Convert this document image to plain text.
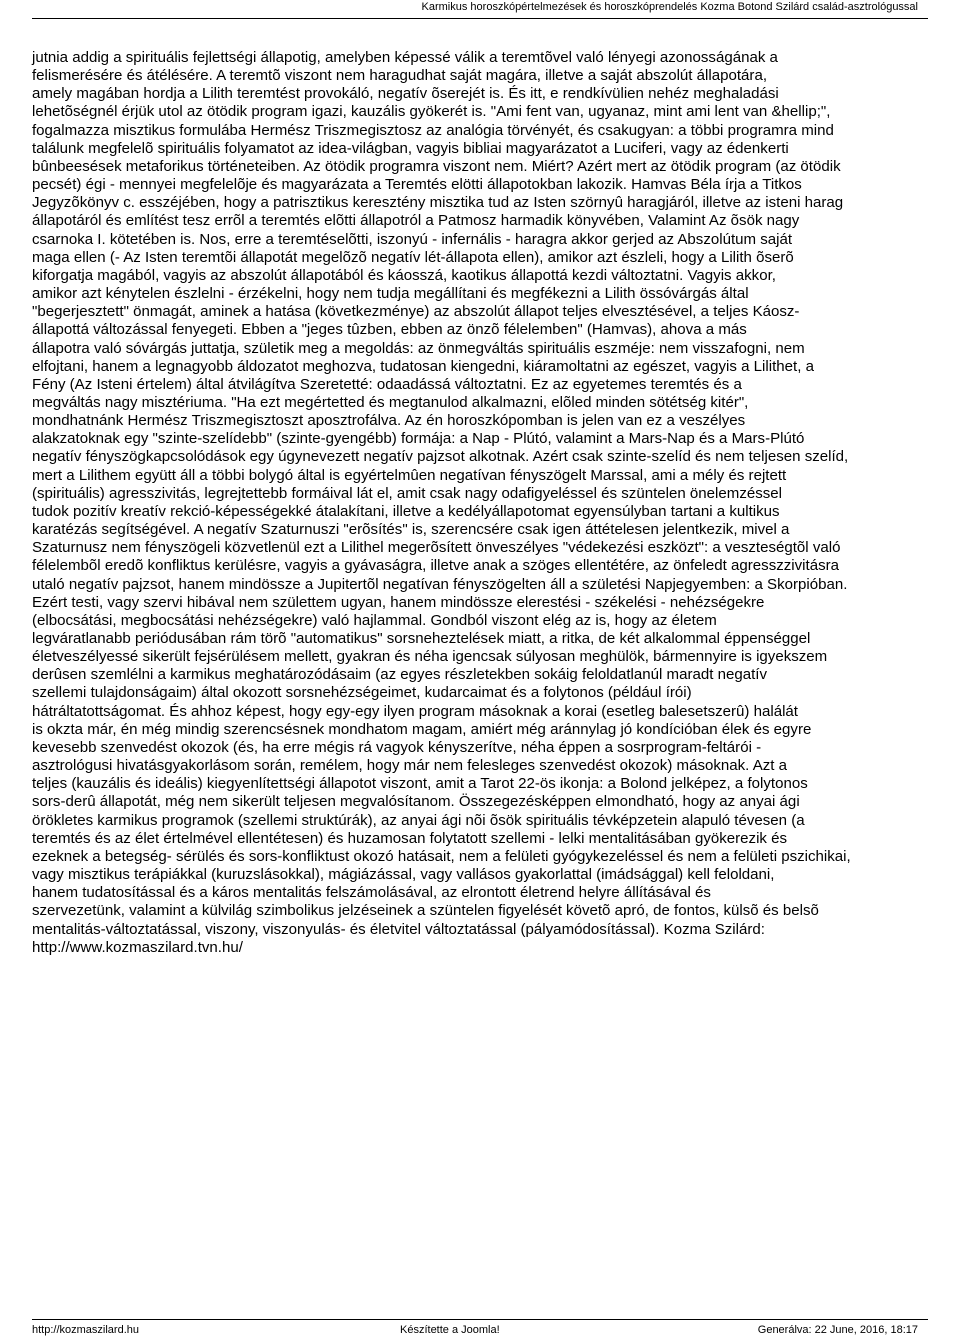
Karmikus horoszkópértelmezések és horoszkóprendelés Kozma Botond Szilárd család-asztrológussal
jutnia addig a spirituális fejlettségi állapotig, amelyben képessé válik a teremtõvel való lényegi azonosságának a
felismerésére és átélésére. A teremtõ viszont nem haragudhat saját magára, illetve a saját abszolút állapotára,
amely magában hordja a Lilith teremtést provokáló, negatív õserejét is. És itt, e rendkívülien nehéz meghaladási
lehetõségnél érjük utol az ötödik program igazi, kauzális gyökerét is. "Ami fent van, ugyanaz, mint ami lent van &hellip;",
fogalmazza misztikus formulába Hermész Triszmegisztosz az analógia törvényét, és csakugyan: a többi programra mind
találunk megfelelõ spirituális folyamatot az idea-világban, vagyis bibliai magyarázatot a Luciferi, vagy az édenkerti
bûnbeesések metaforikus történeteiben. Az ötödik programra viszont nem. Miért? Azért mert az ötödik program (az ötödik
pecsét) égi - mennyei megfelelõje és magyarázata a Teremtés elötti állapotokban lakozik. Hamvas Béla írja a Titkos
Jegyzõkönyv c. esszéjében, hogy a patrisztikus keresztény misztika tud az Isten szörnyû haragjáról, illetve az isteni harag
állapotáról és említést tesz errõl a teremtés elõtti állapotról a Patmosz harmadik könyvében, Valamint Az õsök nagy
csarnoka I. kötetében is. Nos, erre a teremtéselõtti, iszonyú - infernális - haragra akkor gerjed az Abszolútum saját
maga ellen (- Az Isten teremtõi állapotát megelõzõ negatív lét-állapota ellen), amikor azt észleli, hogy a Lilith õserõ
kiforgatja magából, vagyis az abszolút állapotából és káosszá, kaotikus állapottá kezdi változtatni. Vagyis akkor,
amikor azt kénytelen észlelni - érzékelni, hogy nem tudja megállítani és megfékezni a Lilith össóvárgás által
"begerjesztett" önmagát, aminek a hatása (következménye) az abszolút állapot teljes elvesztésével, a teljes Káosz-
állapottá változással fenyegeti. Ebben a "jeges tûzben, ebben az önzõ félelemben" (Hamvas), ahova a más
állapotra való sóvárgás juttatja, születik meg a megoldás: az önmegváltás spirituális eszméje: nem visszafogni, nem
elfojtani, hanem a legnagyobb áldozatot meghozva, tudatosan kiengedni, kiáramoltatni az egészet, vagyis a Lilithet, a
Fény (Az Isteni értelem) által átvilágítva Szeretetté: odaadássá változtatni. Ez az egyetemes teremtés és a
megváltás nagy misztériuma. "Ha ezt megértetted és megtanulod alkalmazni, elõled minden sötétség kitér",
mondhatnánk Hermész Triszmegisztoszt aposztrofálva. Az én horoszkópomban is jelen van ez a veszélyes
alakzatoknak egy "szinte-szelídebb" (szinte-gyengébb) formája: a Nap - Plútó, valamint a Mars-Nap és a Mars-Plútó
negatív fényszögkapcsolódások egy úgynevezett negatív pajzsot alkotnak. Azért csak szinte-szelíd és nem teljesen szelíd,
mert a Lilithem együtt áll a többi bolygó által is egyértelmûen negatívan fényszögelt Marssal, ami a mély és rejtett
(spirituális) agresszivitás, legrejtettebb formáival lát el, amit csak nagy odafigyeléssel és szüntelen önelemzéssel
tudok pozitív kreatív rekció-képességekké átalakítani, illetve a kedélyállapotomat egyensúlyban tartani a kultikus
karatézás segítségével. A negatív Szaturnuszi "erõsítés" is, szerencsére csak igen áttételesen jelentkezik, mivel a
Szaturnusz nem fényszögeli közvetlenül ezt a Lilithel megerõsített önveszélyes "védekezési eszközt": a veszteségtõl való
félelembõl eredõ konfliktus kerülésre, vagyis a gyávaságra, illetve anak a szöges ellentétére, az önfeledt agresszzivitásra
utaló negatív pajzsot, hanem mindössze a Jupitertõl negatívan fényszögelten áll a születési Napjegyemben: a Skorpióban.
Ezért testi, vagy szervi hibával nem születtem ugyan, hanem mindössze elerestési - székelési - nehézségekre
(elbocsátási, megbocsátási nehézségekre) való hajlammal. Gondból viszont elég az is, hogy az életem
legváratlanabb periódusában rám törõ "automatikus" sorsneheztelések miatt, a ritka, de két alkalommal éppenséggel
életveszélyessé sikerült fejsérülésem mellett, gyakran és néha igencsak súlyosan meghülök, bármennyire is igyekszem
derûsen szemlélni a karmikus meghatározódásaim (az egyes részletekben sokáig feloldatlanúl maradt negatív
szellemi tulajdonságaim) által okozott sorsnehézségeimet, kudarcaimat és a folytonos (például írói)
hátráltatottságomat. És ahhoz képest, hogy egy-egy ilyen program másoknak a korai (esetleg balesetszerû) halálát
is okzta már, én még mindig szerencsésnek mondhatom magam, amiért még aránnylag jó kondícióban élek és egyre
kevesebb szenvedést okozok (és, ha erre mégis rá vagyok kényszerítve, néha éppen a sosrprogram-feltárói -
asztrológusi hivatásgyakorlásom során, remélem, hogy már nem felesleges szenvedést okozok) másoknak. Azt a
teljes (kauzális és ideális) kiegyenlítettségi állapotot viszont, amit a Tarot 22-ös ikonja: a Bolond jelképez, a folytonos
sors-derû állapotát, még nem sikerült teljesen megvalósítanom. Összegezésképpen elmondható, hogy az anyai ági
örökletes karmikus programok (szellemi struktúrák), az anyai ági nõi õsök spirituális tévképzetein alapuló tévesen (a
teremtés és az élet értelmével ellentétesen) és huzamosan folytatott szellemi - lelki mentalitásában gyökerezik és
ezeknek a betegség- sérülés és sors-konfliktust okozó hatásait, nem a felületi gyógykezeléssel és nem a felületi pszichikai,
vagy misztikus terápiákkal (kuruzslásokkal), mágiázással, vagy vallásos gyakorlattal (imádsággal) kell feloldani,
hanem tudatosítással és a káros mentalitás felszámolásával, az elrontott életrend helyre állításával és
szervezetünk, valamint a külvilág szimbolikus jelzéseinek a szüntelen figyelését követõ apró, de fontos, külsõ és belsõ
mentalitás-változtatással, viszony, viszonyulás- és életvitel változtatással (pályamódosítással). Kozma Szilárd:
http://www.kozmaszilard.tvn.hu/
http://kozmaszilard.hu	Készítette a Joomla!	Generálva: 22 June, 2016, 18:17
